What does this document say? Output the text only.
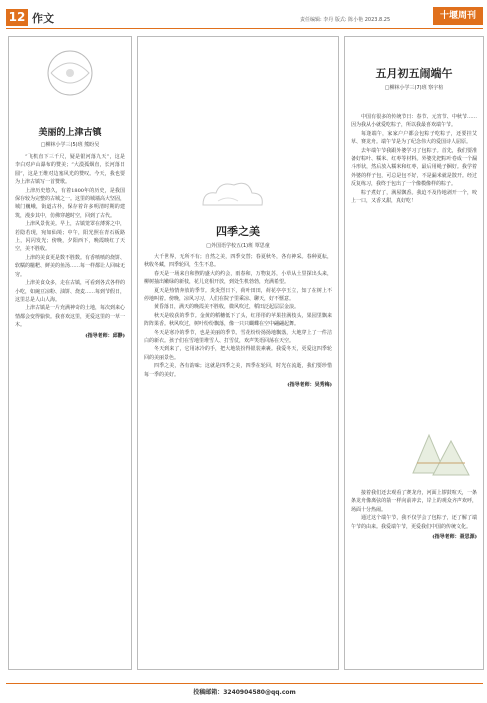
12 作文	责任编辑: 李丹 版式: 陈小艳 2023.8.25	十堰周刊
美丽的上津古镇
□柳林小学三(5)班 熊盼吴

“飞机直下三千尺，疑是银河落九天”，这是李白对庐山瀑布的赞美；“大漠孤烟直，长河落日圆”，这是王维对边塞风光的赞叹。今天，我也要为上津古镇写一首赞歌。

上津历史悠久，有着1800年的历史，是我国保存较为完整的古城之一。这里的城墙高大坚固，城门巍峨，街道古朴，保存着许多明清时期的建筑，漫步其中，仿佛穿越时空，回到了古代。

上津风景优美。早上，古镇笼罩在薄雾之中，若隐若现，宛如仙境；中午，阳光照在青石板路上，闪闪发光；傍晚，夕阳西下，晚霞映红了天空，美不胜收。

上津的美食更是数不胜数。有香喷喷的烧饼、软糯的糍粑、鲜美的鱼汤……每一样都让人回味无穷。

上津美食众多，走在古镇，可看到各式各样的小吃，如豌豆凉粉、油饼、烧麦……每到节假日，这里总是人山人海。

上津古镇是一片充满神奇的土地，每次到来心情都会变得愉快。我喜欢这里，更爱这里的一草一木。

(指导老师：邱静)
四季之美
□外国语学校五(1)班 覃思童

大千世界，无所不有；自然之美，四季交替；春夏秋冬，各有神采。春种夏耘，秋收冬藏，四季轮回，生生不息。

春天是一场来自和煦的盛大的约会，雨春和，万物复苏，小草从土里探出头来，柳树抽出嫩绿的新枝，花儿竞相开放，到处生机勃勃，充满希望。

夏天是热情奔放的季节。炎炎烈日下，荷叶田田，荷花亭亭玉立，知了在树上不停地叫着。傍晚，凉风习习，人们在院子里乘凉、聊天，好不惬意。

黄昏落日，满天的晚霞美不胜收，微风吹过，稻田泛起层层金浪。

秋天是收获的季节。金黄的稻穗低下了头，红彤彤的苹果挂满枝头，果园里飘来阵阵果香。秋风吹过，树叶纷纷飘落，像一只只蝴蝶在空中翩翩起舞。

冬天是寒冷的季节，也是美丽的季节。雪花纷纷扬扬地飘落，大地穿上了一件洁白的新衣。孩子们在雪地里堆雪人、打雪仗，欢声笑语回荡在天空。

冬天到来了，它用冰冷的手，把大地装扮得银装素裹。我爱冬天，更爱这四季轮回的美丽景色。

四季之美，各有韵味；这就是四季之美，四季在轮回，时光在流逝，我们要珍惜每一季的美好。

(指导老师：吴秀梅)
五月初五闹端午
□柳林小学三(7)班 察宇楦

中国有很多的传统节日：春节、元宵节、中秋节……因为我从小就爱吃粽子，所以我最喜欢端午节。

每逢端午，家家户户都会包粽子吃粽子，还要挂艾草、赛龙舟。端午节是为了纪念伟大的爱国诗人屈原。

去年端午节我跟外婆学习了包粽子。首先，我们要准备好粽叶、糯米、红枣等材料。外婆先把粽叶卷成一个漏斗形状，然后放入糯米和红枣，最后用绳子捆好。我学着外婆的样子包，可总是包不好，不是漏米就是散开。经过反复练习，我终于包出了一个像模像样的粽子。

粽子煮好了，满屋飘香。我迫不及待地剥开一个，咬上一口，又香又甜，真好吃！

接着我们还去观看了赛龙舟，河面上锣鼓喧天，一条条龙舟像离弦的箭一样向前冲去，岸上的观众齐声欢呼，场面十分热闹。

通过这个端午节，我不仅学会了包粽子，还了解了端午节的由来。我爱端午节，更爱我们中国的传统文化。

(指导老师：聂思源)
投稿邮箱：3240904580@qq.com
